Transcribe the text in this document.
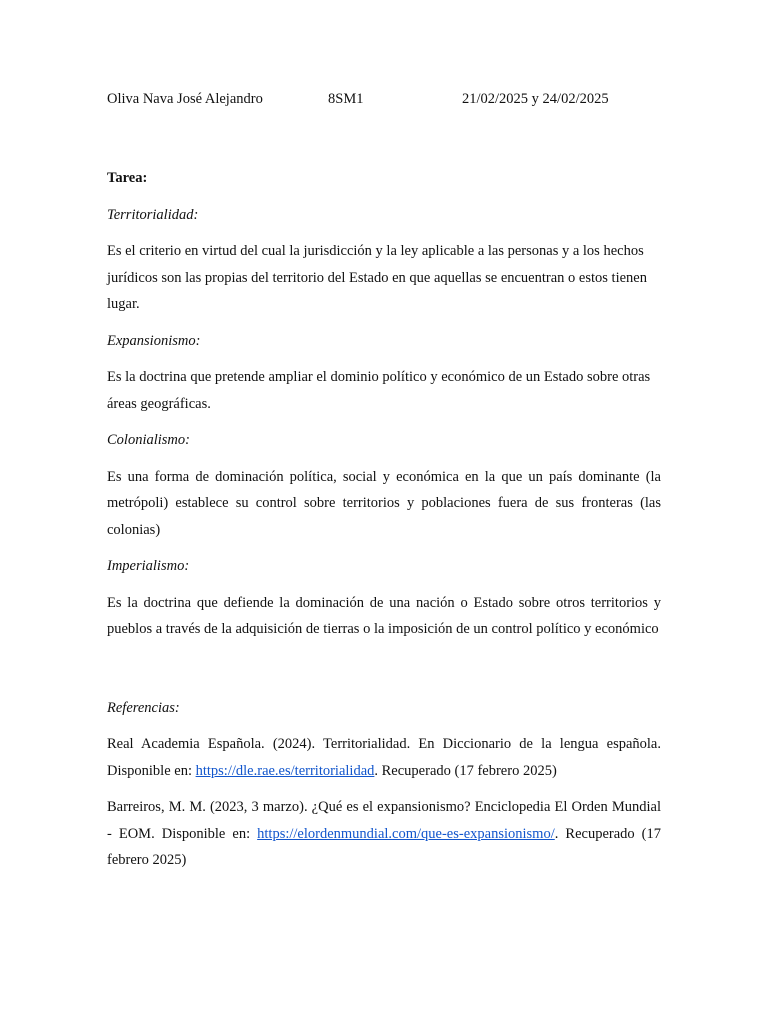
Oliva Nava José Alejandro	8SM1	21/02/2025 y 24/02/2025

Tarea:

Territorialidad:

Es el criterio en virtud del cual la jurisdicción y la ley aplicable a las personas y a los hechos jurídicos son las propias del territorio del Estado en que aquellas se encuentran o estos tienen lugar.

Expansionismo:

Es la doctrina que pretende ampliar el dominio político y económico de un Estado sobre otras áreas geográficas.

Colonialismo:

Es una forma de dominación política, social y económica en la que un país dominante (la metrópoli) establece su control sobre territorios y poblaciones fuera de sus fronteras (las colonias)

Imperialismo:

Es la doctrina que defiende la dominación de una nación o Estado sobre otros territorios y pueblos a través de la adquisición de tierras o la imposición de un control político y económico

Referencias:

Real Academia Española. (2024). Territorialidad. En Diccionario de la lengua española. Disponible en: https://dle.rae.es/territorialidad. Recuperado (17 febrero 2025)

Barreiros, M. M. (2023, 3 marzo). ¿Qué es el expansionismo? Enciclopedia El Orden Mundial - EOM. Disponible en: https://elordenmundial.com/que-es-expansionismo/. Recuperado (17 febrero 2025)
